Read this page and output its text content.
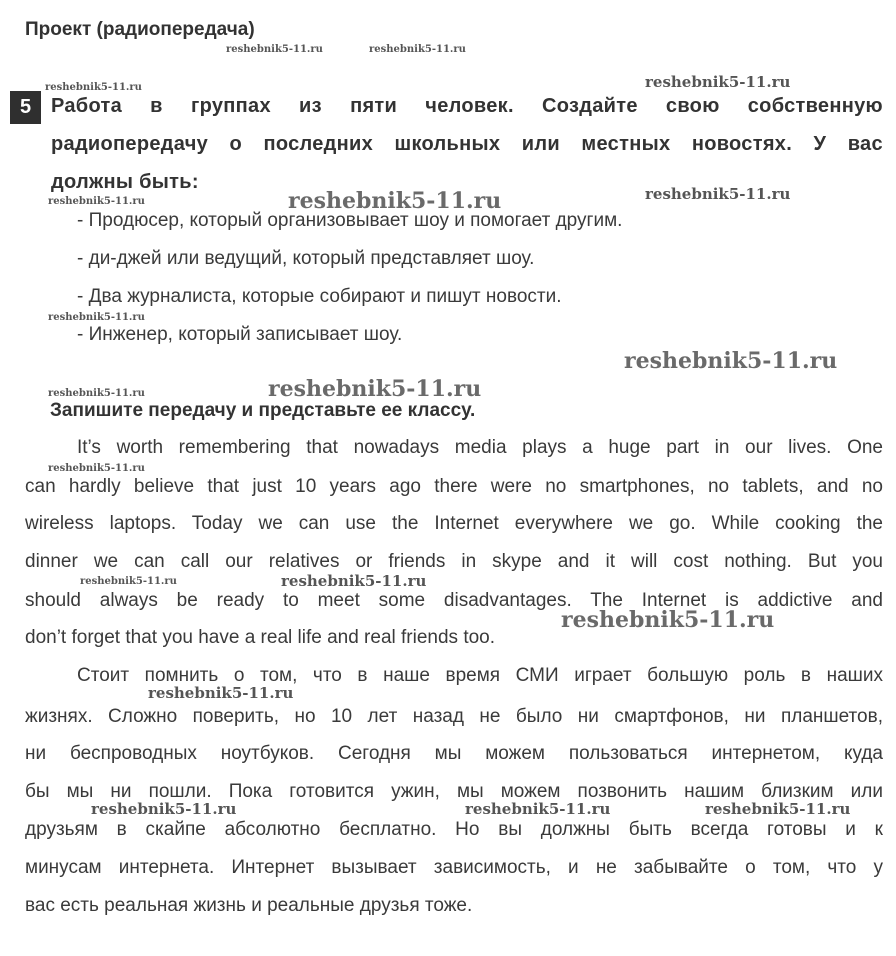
Проект (радиопередача)
5 Работа в группах из пяти человек. Создайте свою собственную
радиопередачу о последних школьных или местных новостях. У вас
должны быть:
- Продюсер, который организовывает шоу и помогает другим.
- ди-джей или ведущий, который представляет шоу.
- Два журналиста, которые собирают и пишут новости.
- Инженер, который записывает шоу.
Запишите передачу и представьте ее классу.
It’s worth remembering that nowadays media plays a huge part in our lives. One
can hardly believe that just 10 years ago there were no smartphones, no tablets, and no
wireless laptops. Today we can use the Internet everywhere we go. While cooking the
dinner we can call our relatives or friends in skype and it will cost nothing. But you
should always be ready to meet some disadvantages. The Internet is addictive and
don’t forget that you have a real life and real friends too.
Стоит помнить о том, что в наше время СМИ играет большую роль в наших
жизнях. Сложно поверить, но 10 лет назад не было ни смартфонов, ни планшетов,
ни беспроводных ноутбуков. Сегодня мы можем пользоваться интернетом, куда
бы мы ни пошли. Пока готовится ужин, мы можем позвонить нашим близким или
друзьям в скайпе абсолютно бесплатно. Но вы должны быть всегда готовы и к
минусам интернета. Интернет вызывает зависимость, и не забывайте о том, что у
вас есть реальная жизнь и реальные друзья тоже.
reshebnik5-11.ru	reshebnik5-11.ru
reshebnik5-11.ru	reshebnik5-11.ru
reshebnik5-11.ru	reshebnik5-11.ru	reshebnik5-11.ru
reshebnik5-11.ru
reshebnik5-11.ru
reshebnik5-11.ru	reshebnik5-11.ru
reshebnik5-11.ru
reshebnik5-11.ru	reshebnik5-11.ru
reshebnik5-11.ru
reshebnik5-11.ru
reshebnik5-11.ru	reshebnik5-11.ru	reshebnik5-11.ru
